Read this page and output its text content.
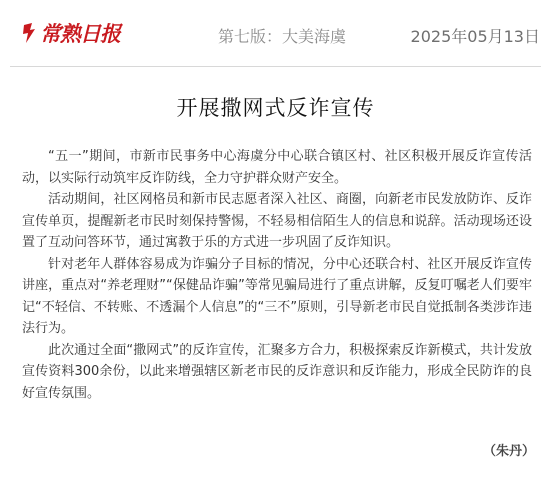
常熟日报	第七版：大美海虞	2025年05月13日
开展撒网式反诈宣传

“五一”期间，市新市民事务中心海虞分中心联合镇区村、社区积极开展反诈宣传活动，以实际行动筑牢反诈防线，全力守护群众财产安全。

活动期间，社区网格员和新市民志愿者深入社区、商圈，向新老市民发放防诈、反诈宣传单页，提醒新老市民时刻保持警惕，不轻易相信陌生人的信息和说辞。活动现场还设置了互动问答环节，通过寓教于乐的方式进一步巩固了反诈知识。

针对老年人群体容易成为诈骗分子目标的情况，分中心还联合村、社区开展反诈宣传讲座，重点对“养老理财”“保健品诈骗”等常见骗局进行了重点讲解，反复叮嘱老人们要牢记“不轻信、不转账、不透漏个人信息”的“三不”原则，引导新老市民自觉抵制各类涉诈违法行为。

此次通过全面“撒网式”的反诈宣传，汇聚多方合力，积极探索反诈新模式，共计发放宣传资料300余份，以此来增强辖区新老市民的反诈意识和反诈能力，形成全民防诈的良好宣传氛围。

（朱丹）
